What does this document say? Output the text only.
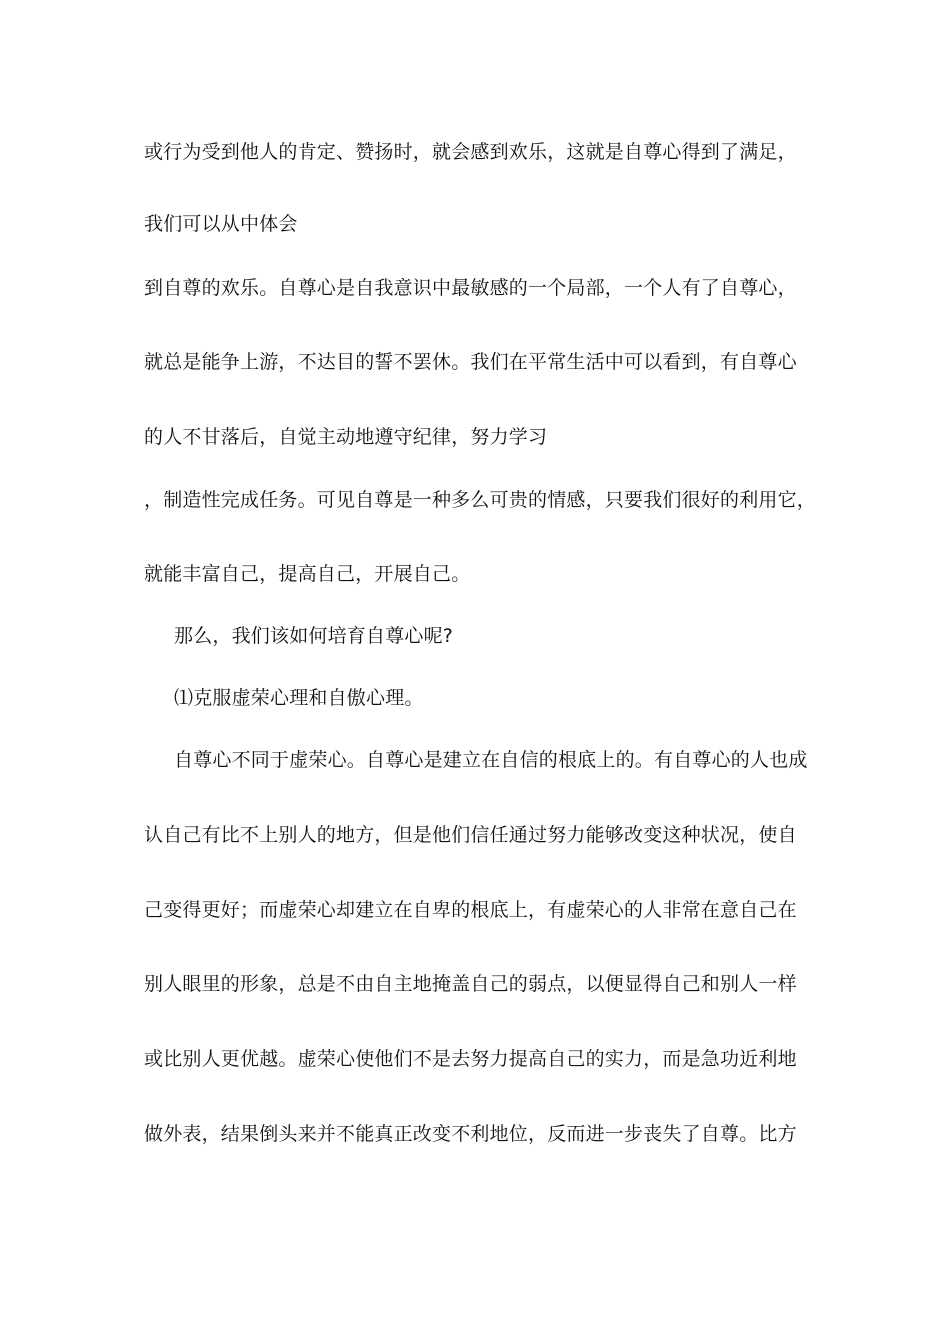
或行为受到他人的肯定、赞扬时，就会感到欢乐，这就是自尊心得到了满足，
我们可以从中体会
到自尊的欢乐。自尊心是自我意识中最敏感的一个局部，一个人有了自尊心，
就总是能争上游，不达目的誓不罢休。我们在平常生活中可以看到，有自尊心
的人不甘落后，自觉主动地遵守纪律，努力学习
，制造性完成任务。可见自尊是一种多么可贵的情感，只要我们很好的利用它，
就能丰富自己，提高自己，开展自己。
那么，我们该如何培育自尊心呢?
⑴克服虚荣心理和自傲心理。
自尊心不同于虚荣心。自尊心是建立在自信的根底上的。有自尊心的人也成
认自己有比不上别人的地方，但是他们信任通过努力能够改变这种状况，使自
己变得更好；而虚荣心却建立在自卑的根底上，有虚荣心的人非常在意自己在
别人眼里的形象，总是不由自主地掩盖自己的弱点，以便显得自己和别人一样
或比别人更优越。虚荣心使他们不是去努力提高自己的实力，而是急功近利地
做外表，结果倒头来并不能真正改变不利地位，反而进一步丧失了自尊。比方
